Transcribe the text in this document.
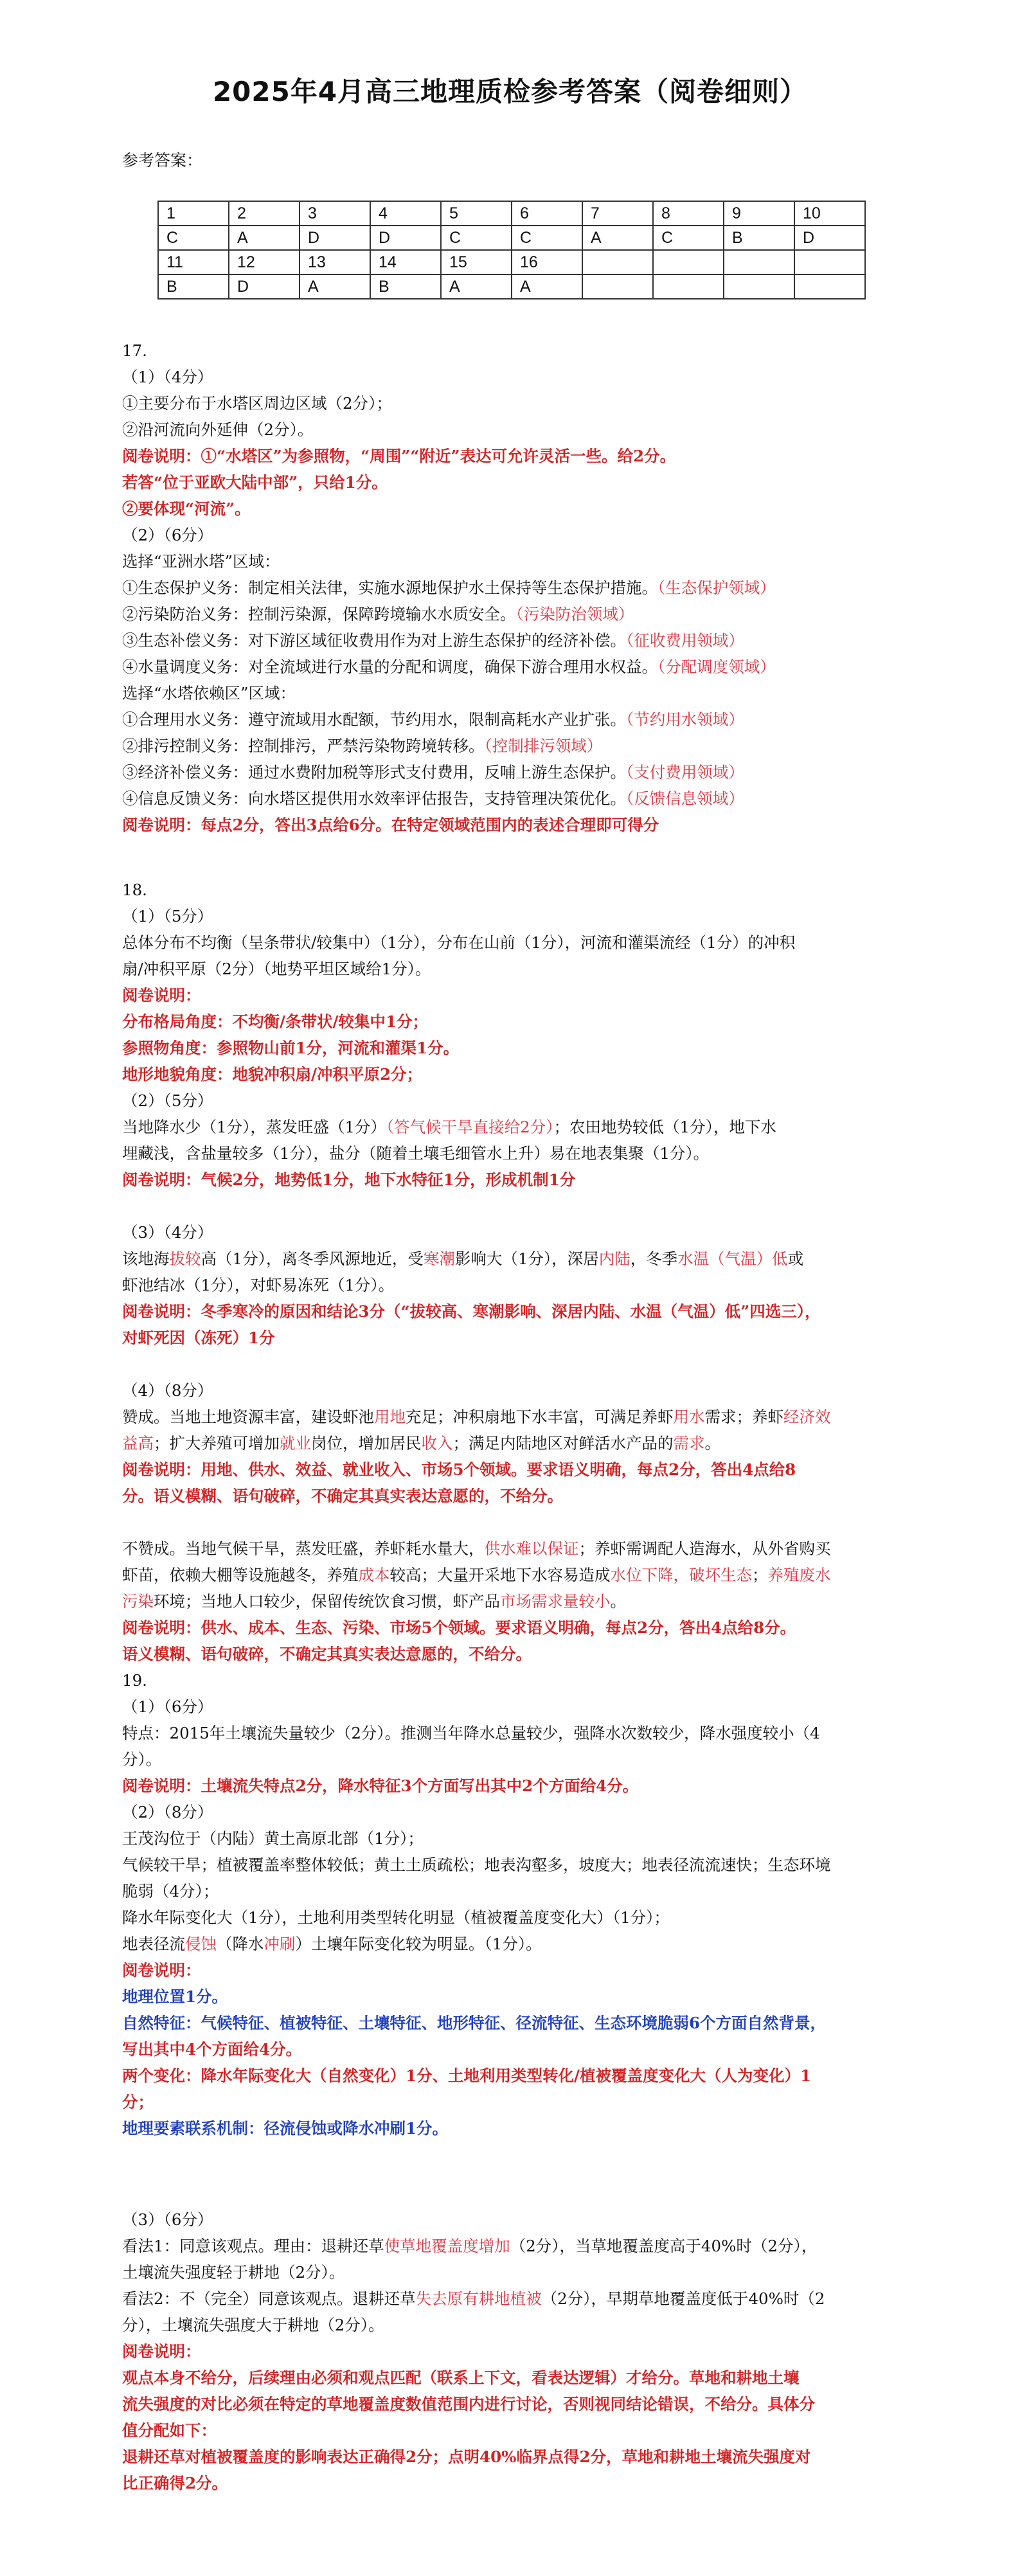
2025年4月高三地理质检参考答案（阅卷细则）
参考答案：
1	2	3	4	5	6	7	8	9	10
C	A	D	D	C	C	A	C	B	D
11	12	13	14	15	16				
B	D	A	B	A	A				

17.

（1）（4分）

①主要分布于水塔区周边区域（2分）；

②沿河流向外延伸（2分）。

阅卷说明：①“水塔区”为参照物，“周围”“附近”表达可允许灵活一些。给2分。

若答“位于亚欧大陆中部”，只给1分。

②要体现“河流”。

（2）（6分）

选择“亚洲水塔”区域：

①生态保护义务：制定相关法律，实施水源地保护水土保持等生态保护措施。（生态保护领域）

②污染防治义务：控制污染源，保障跨境输水水质安全。（污染防治领域）

③生态补偿义务：对下游区域征收费用作为对上游生态保护的经济补偿。（征收费用领域）

④水量调度义务：对全流域进行水量的分配和调度，确保下游合理用水权益。（分配调度领域）

选择“水塔依赖区”区域：

①合理用水义务：遵守流域用水配额，节约用水，限制高耗水产业扩张。（节约用水领域）

②排污控制义务：控制排污，严禁污染物跨境转移。（控制排污领域）

③经济补偿义务：通过水费附加税等形式支付费用，反哺上游生态保护。（支付费用领域）

④信息反馈义务：向水塔区提供用水效率评估报告，支持管理决策优化。（反馈信息领域）

阅卷说明：每点2分，答出3点给6分。在特定领域范围内的表述合理即可得分

18.

（1）（5分）

总体分布不均衡（呈条带状/较集中）（1分），分布在山前（1分），河流和灌渠流经（1分）的冲积

扇/冲积平原（2分）（地势平坦区域给1分）。

阅卷说明：

分布格局角度：不均衡/条带状/较集中1分；

参照物角度：参照物山前1分，河流和灌渠1分。

地形地貌角度：地貌冲积扇/冲积平原2分；

（2）（5分）

当地降水少（1分），蒸发旺盛（1分）（答气候干旱直接给2分）；农田地势较低（1分），地下水

埋藏浅，含盐量较多（1分），盐分（随着土壤毛细管水上升）易在地表集聚（1分）。

阅卷说明：气候2分，地势低1分，地下水特征1分，形成机制1分

（3）（4分）

该地海拔较高（1分），离冬季风源地近，受寒潮影响大（1分），深居内陆，冬季水温（气温）低或

虾池结冰（1分），对虾易冻死（1分）。

阅卷说明：冬季寒冷的原因和结论3分（“拔较高、寒潮影响、深居内陆、水温（气温）低”四选三），

对虾死因（冻死）1分

（4）（8分）

赞成。当地土地资源丰富，建设虾池用地充足；冲积扇地下水丰富，可满足养虾用水需求；养虾经济效

益高；扩大养殖可增加就业岗位，增加居民收入；满足内陆地区对鲜活水产品的需求。

阅卷说明：用地、供水、效益、就业收入、市场5个领域。要求语义明确，每点2分，答出4点给8

分。语义模糊、语句破碎，不确定其真实表达意愿的，不给分。

不赞成。当地气候干旱，蒸发旺盛，养虾耗水量大，供水难以保证；养虾需调配人造海水，从外省购买

虾苗，依赖大棚等设施越冬，养殖成本较高；大量开采地下水容易造成水位下降，破坏生态；养殖废水

污染环境；当地人口较少，保留传统饮食习惯，虾产品市场需求量较小。

阅卷说明：供水、成本、生态、污染、市场5个领域。要求语义明确，每点2分，答出4点给8分。

语义模糊、语句破碎，不确定其真实表达意愿的，不给分。

19.

（1）（6分）

特点：2015年土壤流失量较少（2分）。推测当年降水总量较少，强降水次数较少，降水强度较小（4

分）。

阅卷说明：土壤流失特点2分，降水特征3个方面写出其中2个方面给4分。

（2）（8分）

王茂沟位于（内陆）黄土高原北部（1分）；

气候较干旱；植被覆盖率整体较低；黄土土质疏松；地表沟壑多，坡度大；地表径流流速快；生态环境

脆弱（4分）；

降水年际变化大（1分），土地利用类型转化明显（植被覆盖度变化大）（1分）；

地表径流侵蚀（降水冲刷）土壤年际变化较为明显。（1分）。

阅卷说明：

地理位置1分。

自然特征：气候特征、植被特征、土壤特征、地形特征、径流特征、生态环境脆弱6个方面自然背景，

写出其中4个方面给4分。

两个变化：降水年际变化大（自然变化）1分、土地利用类型转化/植被覆盖度变化大（人为变化）1

分；

地理要素联系机制：径流侵蚀或降水冲刷1分。

（3）（6分）

看法1：同意该观点。理由：退耕还草使草地覆盖度增加（2分），当草地覆盖度高于40%时（2分），

土壤流失强度轻于耕地（2分）。

看法2：不（完全）同意该观点。退耕还草失去原有耕地植被（2分），早期草地覆盖度低于40%时（2

分），土壤流失强度大于耕地（2分）。

阅卷说明：

观点本身不给分，后续理由必须和观点匹配（联系上下文，看表达逻辑）才给分。草地和耕地土壤

流失强度的对比必须在特定的草地覆盖度数值范围内进行讨论，否则视同结论错误，不给分。具体分

值分配如下：

退耕还草对植被覆盖度的影响表达正确得2分；点明40%临界点得2分，草地和耕地土壤流失强度对

比正确得2分。
